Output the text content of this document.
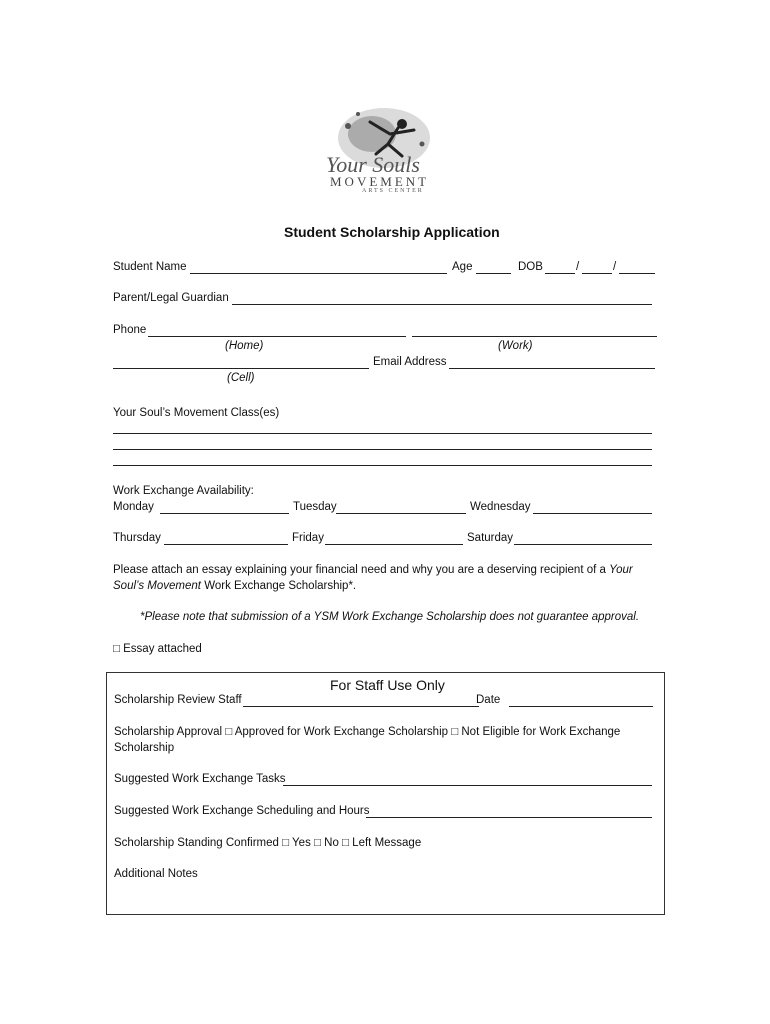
Your Souls
MOVEMENT
ARTS CENTER
Student Scholarship Application
Student Name	Age	DOB	/	/
Parent/Legal Guardian
Phone
(Home)	(Work)
Email Address
(Cell)
Your Soul’s Movement Class(es)
Work Exchange Availability:
Monday	Tuesday	Wednesday
Thursday	Friday	Saturday
Please attach an essay explaining your financial need and why you are a deserving recipient of a Your
Soul’s Movement Work Exchange Scholarship*.
*Please note that submission of a YSM Work Exchange Scholarship does not guarantee approval.
□ Essay attached
For Staff Use Only
Scholarship Review Staff	Date
Scholarship Approval □ Approved for Work Exchange Scholarship □ Not Eligible for Work Exchange
Scholarship
Suggested Work Exchange Tasks
Suggested Work Exchange Scheduling and Hours
Scholarship Standing Confirmed □ Yes □ No □ Left Message
Additional Notes
